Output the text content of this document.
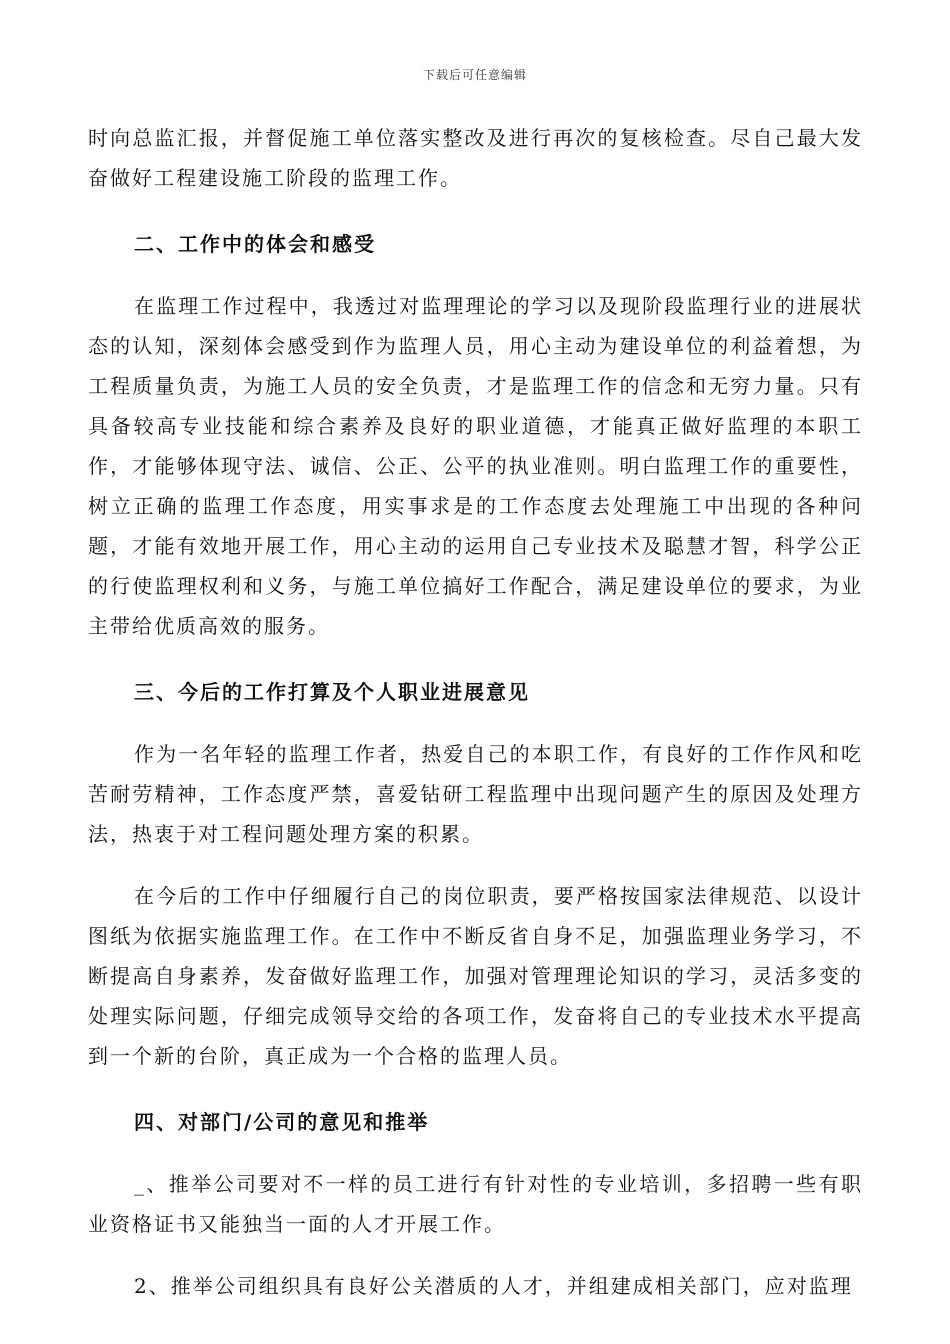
下载后可任意编辑

时向总监汇报，并督促施工单位落实整改及进行再次的复核检查。尽自己最大发奋做好工程建设施工阶段的监理工作。

二、工作中的体会和感受

在监理工作过程中，我透过对监理理论的学习以及现阶段监理行业的进展状态的认知，深刻体会感受到作为监理人员，用心主动为建设单位的利益着想，为工程质量负责，为施工人员的安全负责，才是监理工作的信念和无穷力量。只有具备较高专业技能和综合素养及良好的职业道德，才能真正做好监理的本职工作，才能够体现守法、诚信、公正、公平的执业准则。明白监理工作的重要性，树立正确的监理工作态度，用实事求是的工作态度去处理施工中出现的各种问题，才能有效地开展工作，用心主动的运用自己专业技术及聪慧才智，科学公正的行使监理权利和义务，与施工单位搞好工作配合，满足建设单位的要求，为业主带给优质高效的服务。

三、今后的工作打算及个人职业进展意见

作为一名年轻的监理工作者，热爱自己的本职工作，有良好的工作作风和吃苦耐劳精神，工作态度严禁，喜爱钻研工程监理中出现问题产生的原因及处理方法，热衷于对工程问题处理方案的积累。

在今后的工作中仔细履行自己的岗位职责，要严格按国家法律规范、以设计图纸为依据实施监理工作。在工作中不断反省自身不足，加强监理业务学习，不断提高自身素养，发奋做好监理工作，加强对管理理论知识的学习，灵活多变的处理实际问题，仔细完成领导交给的各项工作，发奋将自己的专业技术水平提高到一个新的台阶，真正成为一个合格的监理人员。

四、对部门/公司的意见和推举

_、推举公司要对不一样的员工进行有针对性的专业培训，多招聘一些有职业资格证书又能独当一面的人才开展工作。

2、推举公司组织具有良好公关潜质的人才，并组建成相关部门，应对监理
